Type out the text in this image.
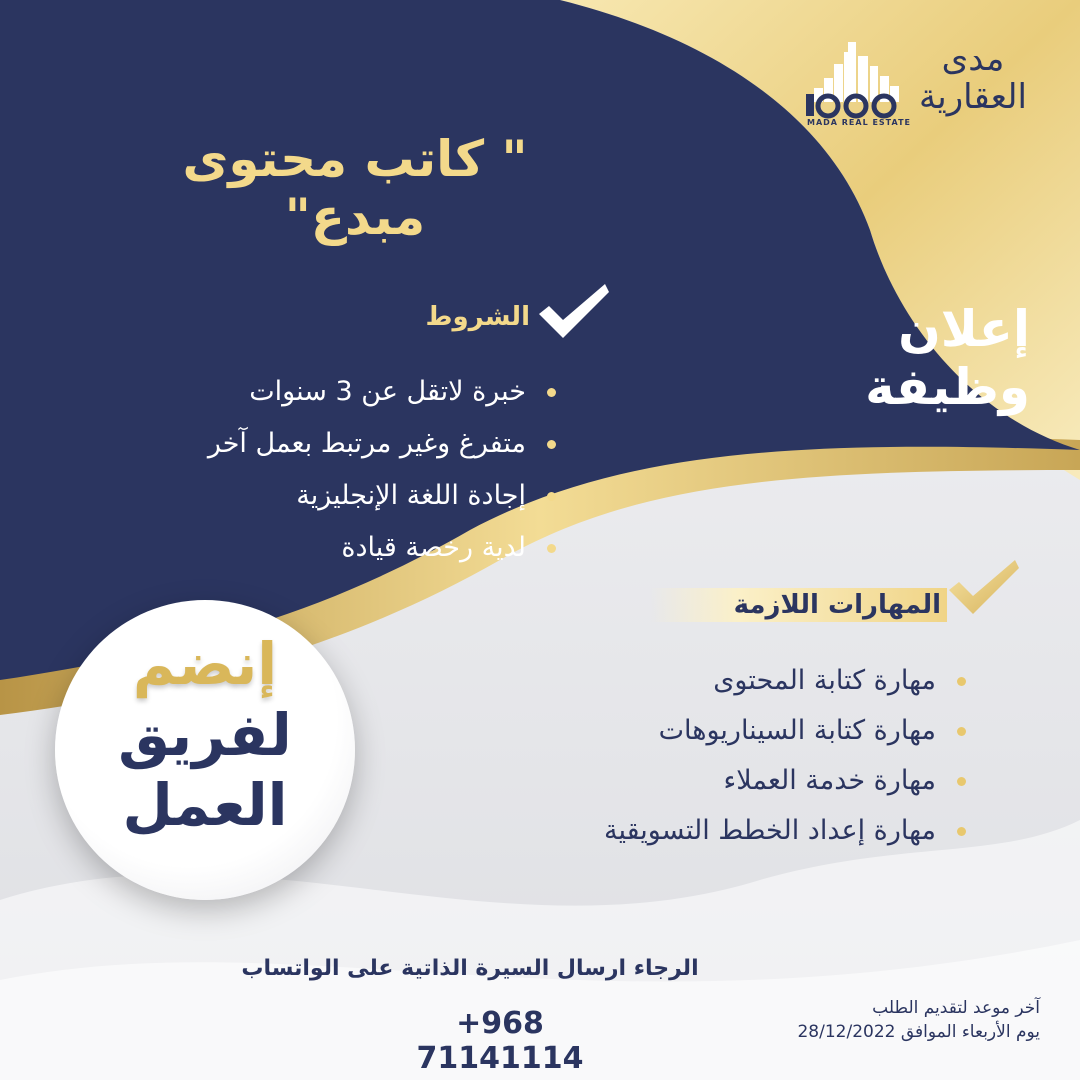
مدى
العقارية
MADA REAL ESTATE
" كاتب محتوى مبدع"
إعلان وظيفة
الشروط
خبرة لاتقل عن 3 سنوات
متفرغ وغير مرتبط بعمل آخر
إجادة اللغة الإنجليزية
لدية رخصة قيادة
المهارات اللازمة
مهارة كتابة المحتوى
مهارة كتابة السيناريوهات
مهارة خدمة العملاء
مهارة إعداد الخطط التسويقية
إنضم
لفريق
العمل
الرجاء ارسال السيرة الذاتية على الواتساب
+968 71141114
آخر موعد لتقديم الطلب
يوم الأربعاء الموافق 28/12/2022
